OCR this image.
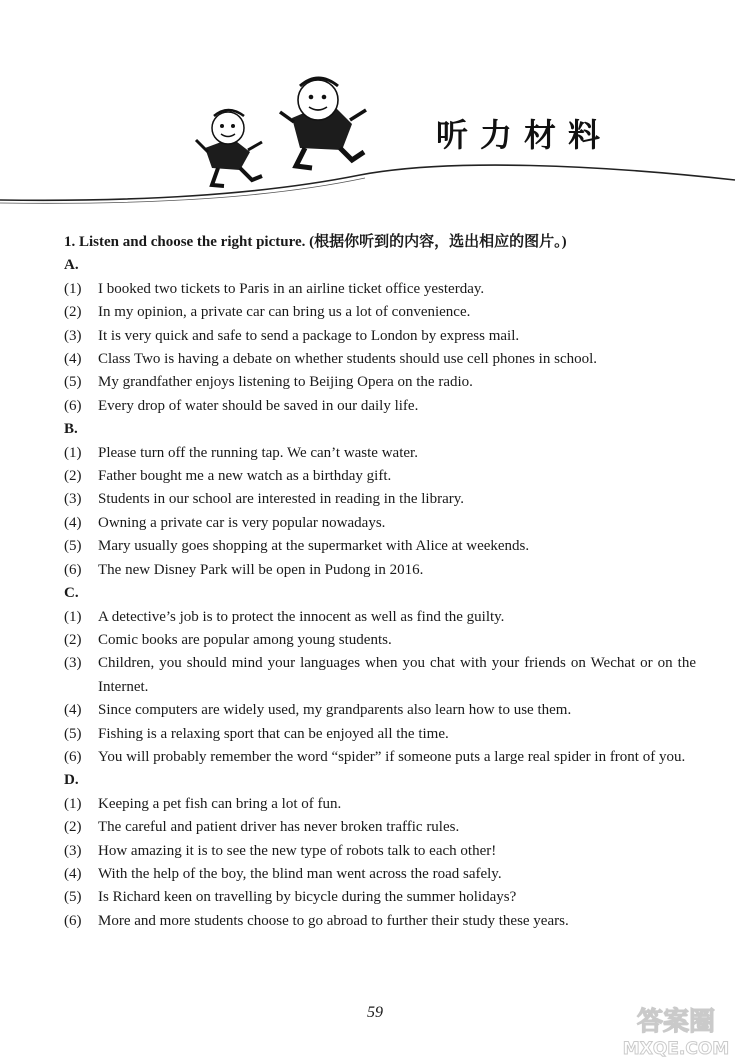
听力材料

1. Listen and choose the right picture. (根据你听到的内容，选出相应的图片。)

A.

(1)	I booked two tickets to Paris in an airline ticket office yesterday.
(2)	In my opinion, a private car can bring us a lot of convenience.
(3)	It is very quick and safe to send a package to London by express mail.
(4)	Class Two is having a debate on whether students should use cell phones in school.
(5)	My grandfather enjoys listening to Beijing Opera on the radio.
(6)	Every drop of water should be saved in our daily life.

B.

(1)	Please turn off the running tap. We can’t waste water.
(2)	Father bought me a new watch as a birthday gift.
(3)	Students in our school are interested in reading in the library.
(4)	Owning a private car is very popular nowadays.
(5)	Mary usually goes shopping at the supermarket with Alice at weekends.
(6)	The new Disney Park will be open in Pudong in 2016.

C.

(1)	A detective’s job is to protect the innocent as well as find the guilty.
(2)	Comic books are popular among young students.
(3)	Children, you should mind your languages when you chat with your friends on Wechat or on the Internet.
(4)	Since computers are widely used, my grandparents also learn how to use them.
(5)	Fishing is a relaxing sport that can be enjoyed all the time.
(6)	You will probably remember the word “spider” if someone puts a large real spider in front of you.

D.

(1)	Keeping a pet fish can bring a lot of fun.
(2)	The careful and patient driver has never broken traffic rules.
(3)	How amazing it is to see the new type of robots talk to each other!
(4)	With the help of the boy, the blind man went across the road safely.
(5)	Is Richard keen on travelling by bicycle during the summer holidays?
(6)	More and more students choose to go abroad to further their study these years.
59	答案圈
MXQE.COM
